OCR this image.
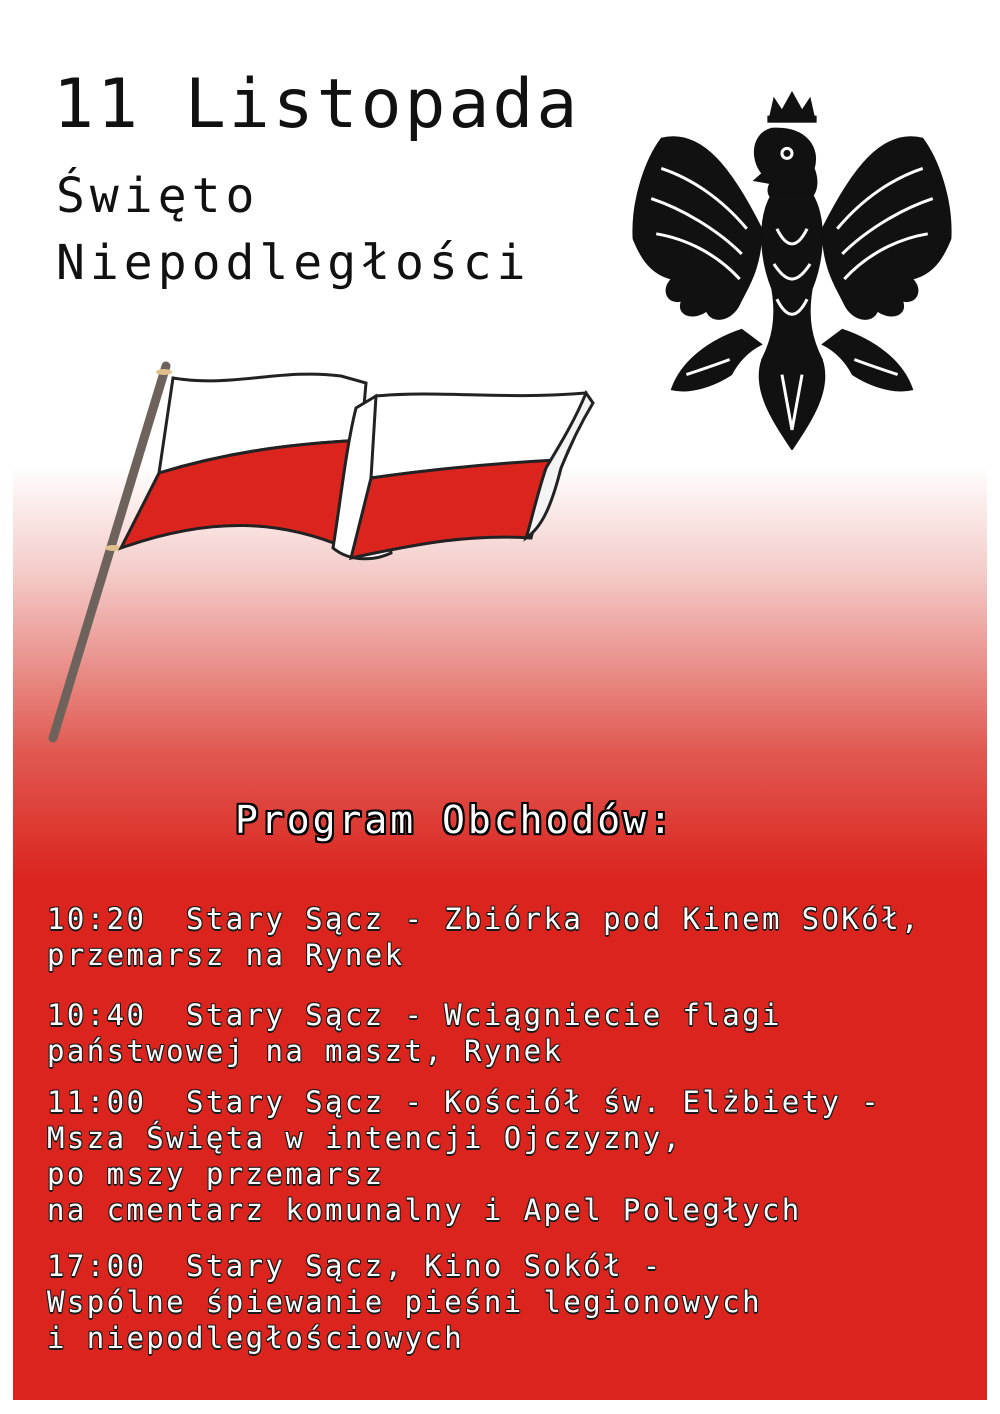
11 Listopada
Święto
Niepodległości
Program Obchodów:
10:20  Stary Sącz - Zbiórka pod Kinem SOKół,
przemarsz na Rynek
10:40  Stary Sącz - Wciągniecie flagi
państwowej na maszt, Rynek
11:00  Stary Sącz - Kościół św. Elżbiety -
Msza Święta w intencji Ojczyzny,
po mszy przemarsz
na cmentarz komunalny i Apel Poległych
17:00  Stary Sącz, Kino Sokół -
Wspólne śpiewanie pieśni legionowych
i niepodległościowych
